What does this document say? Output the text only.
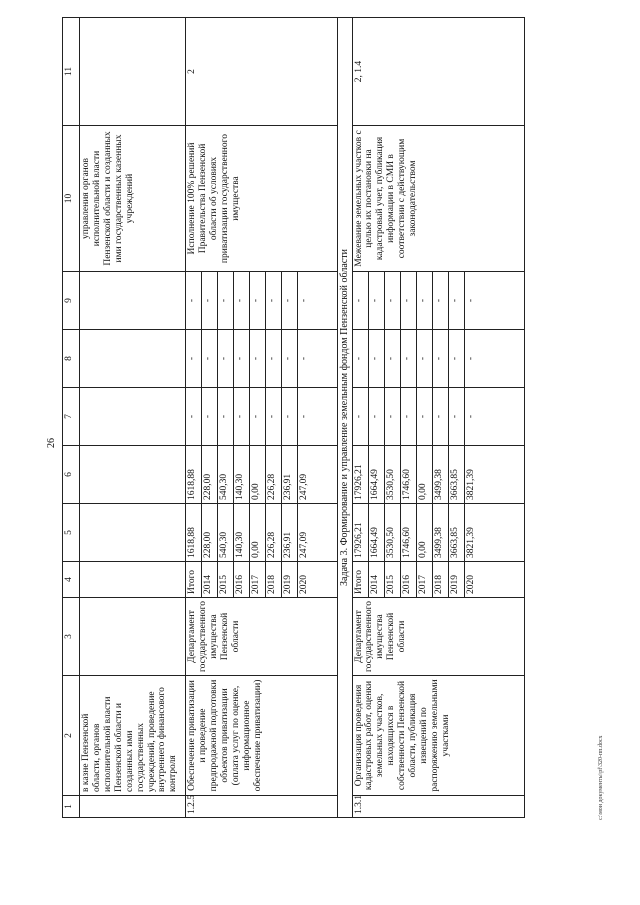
26
1	2	3	4	5	6	7	8	9	10	11
	в казне Пензенской области, органов исполнительной власти Пензенской области и созданных ими государственных учреждений, проведение внутреннего финансового контроля								управления органов исполнительной власти Пензенской области и созданных ими государственных казенных учреждений	
1.2.5	Обеспечение приватизации и проведение предпродажной подготовки объектов приватизации (оплата услуг по оценке, информационное обеспечение приватизации)	Департамент государственного имущества Пензенской области	Итого	1618,88	1618,88	-	-	-	Исполнение 100% решений Правительства Пензенской области об условиях приватизации государственного имущества	2
			2014	228,00	228,00	-	-	-		
			2015	540,30	540,30	-	-	-		
			2016	140,30	140,30	-	-	-		
			2017	0,00	0,00	-	-	-		
			2018	226,28	226,28	-	-	-		
			2019	236,91	236,91	-	-	-		
			2020	247,09	247,09	-	-	-		
Задача 3. Формирование и управление земельным фондом Пензенской области										
1.3.1	Организация проведения кадастровых работ, оценки земельных участков, находящихся в собственности Пензенской области, публикация извещений по распоряжению земельными участками	Департамент государственного имущества Пензенской области	Итого	17926,21	17926,21	-	-	-	Межевание земельных участков с целью их постановки на кадастровый учет, публикация информации в СМИ в соответствии с действующим законодательством	2, 1.4
			2014	1664,49	1664,49	-	-	-		
			2015	3530,50	3530,50	-	-	-		
			2016	1746,60	1746,60	-	-	-		
			2017	0,00	0,00	-	-	-		
			2018	3499,38	3499,38	-	-	-		
			2019	3663,85	3663,85	-	-	-		
			2020	3821,39	3821,39	-	-	-		
c:\мои документы\pf\320-пп.docx
